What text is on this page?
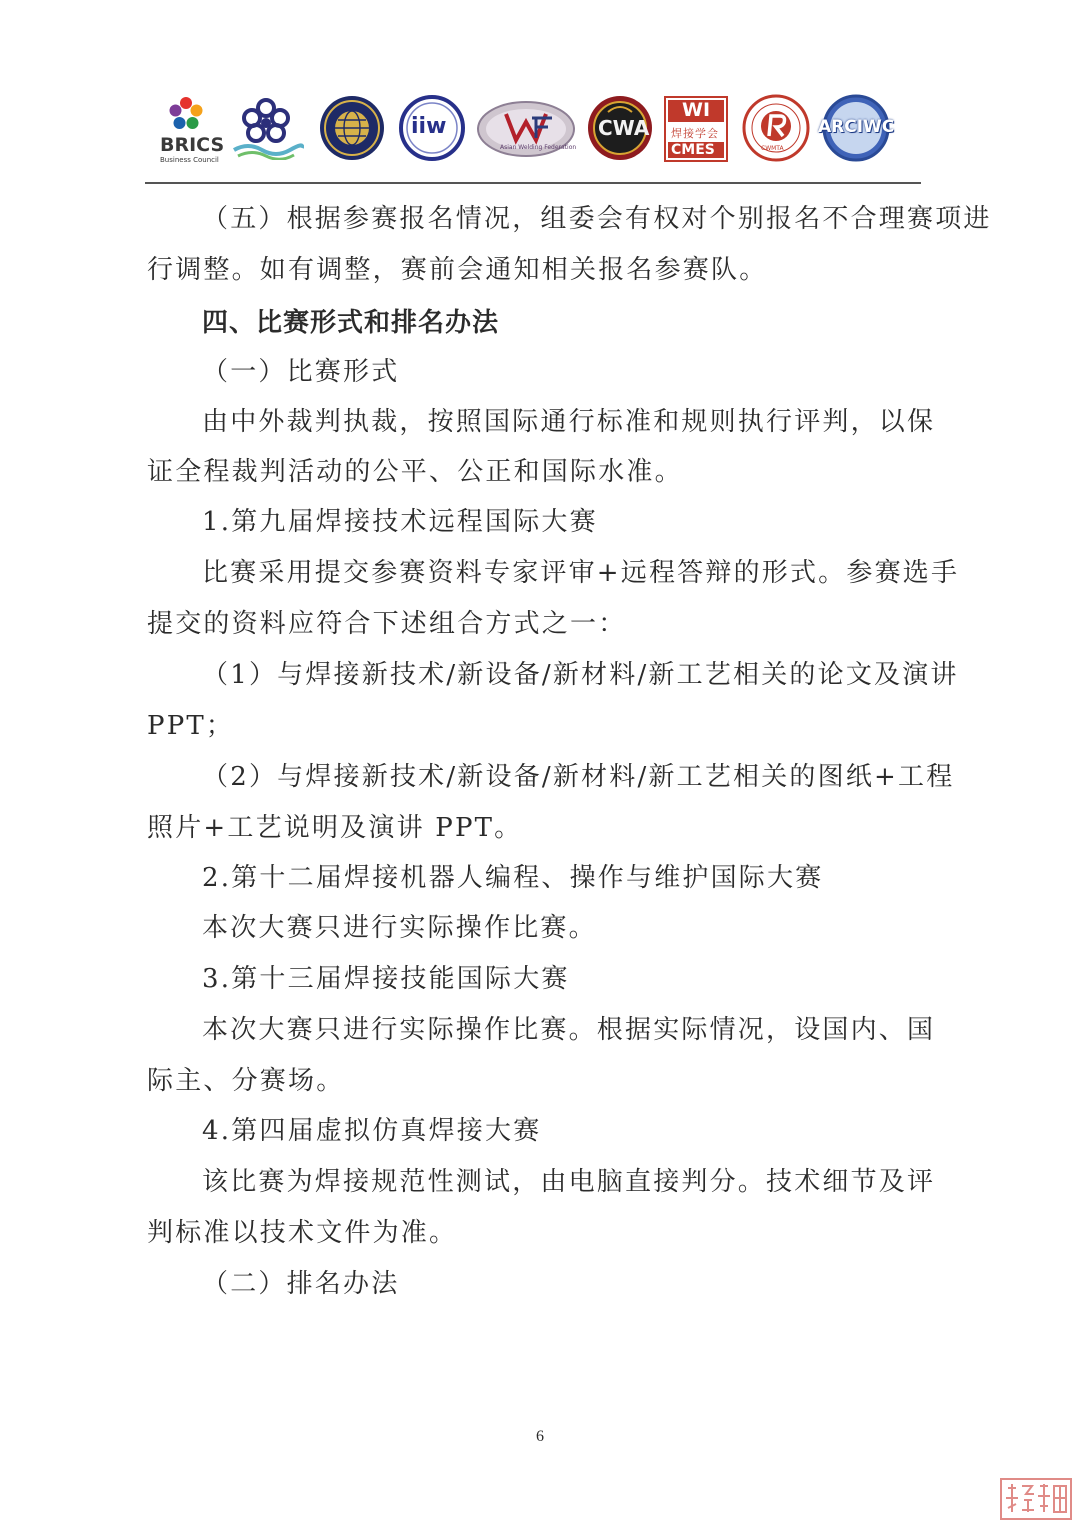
BRICS
Business Council
iiw
Asian Welding Federation
CWA
WI
焊接学会
CMES	CWMTA
ARCIWC
（五）根据参赛报名情况，组委会有权对个别报名不合理赛项进
行调整。如有调整，赛前会通知相关报名参赛队。
四、比赛形式和排名办法
（一）比赛形式
由中外裁判执裁，按照国际通行标准和规则执行评判，以保
证全程裁判活动的公平、公正和国际水准。
1.第九届焊接技术远程国际大赛
比赛采用提交参赛资料专家评审+远程答辩的形式。参赛选手
提交的资料应符合下述组合方式之一：
（1）与焊接新技术/新设备/新材料/新工艺相关的论文及演讲
PPT；
（2）与焊接新技术/新设备/新材料/新工艺相关的图纸+工程
照片+工艺说明及演讲 PPT。
2.第十二届焊接机器人编程、操作与维护国际大赛
本次大赛只进行实际操作比赛。
3.第十三届焊接技能国际大赛
本次大赛只进行实际操作比赛。根据实际情况，设国内、国
际主、分赛场。
4.第四届虚拟仿真焊接大赛
该比赛为焊接规范性测试，由电脑直接判分。技术细节及评
判标准以技术文件为准。
（二）排名办法
6
